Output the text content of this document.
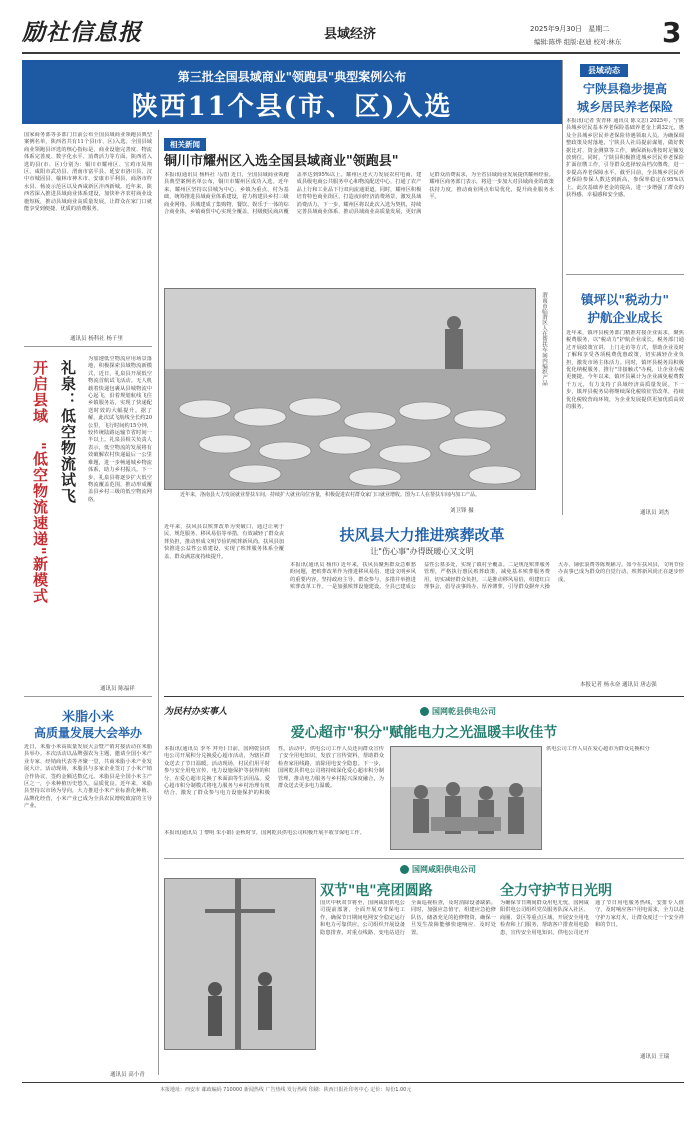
励社信息报	县域经济	2025年9月30日 星期二
编辑:陈烨 组版:赵迪 校对:林东 3
第三批全国县域商业"领跑县"典型案例公布
陕西11个县(市、区)入选
国家商务部等多部门日前公布全国县域商业领跑县典型案例名单，陕西省共有11个县(市、区)入选。全国县域商业领跑县评选的核心指标是，商业设施完善度、物流体系完善度、数字化水平、消费活力等方面。陕西省入选的县(市、区)分别为：铜川市耀州区、宝鸡市凤翔区、咸阳市武功县、渭南市富平县、延安市洛川县、汉中市城固县、榆林市神木市、安康市平利县、商洛市柞水县、杨凌示范区以及西咸新区沣西新城。近年来，陕西省深入推进县域商业体系建设，加快补齐农村商业设施短板，推动县域商业高质量发展，让群众在家门口就能享受到便捷、优质的消费服务。
通讯员 杨科社 杨千里
开启县域
"低空物流速递"新模式
礼泉：低空物流试飞
为加速低空物流应用场景落地，积极探索县域物流新模式，近日，礼泉县开展低空物流首航试飞活动。无人机载着快递包裹从县城物流中心起飞，沿着规划航线飞往乡镇服务站，实现了快递配送时效的大幅提升。据了解，此次试飞航线全长约20公里，飞行时间约15分钟，较传统陆路运输节省时间一半以上。礼泉县相关负责人表示，低空物流的发展将有效破解农村快递最后一公里难题，进一步畅通城乡物流体系，助力乡村振兴。下一步，礼泉县将逐步扩大低空物流覆盖范围，推动形成覆盖县乡村三级的低空物流网络。
通讯员 陈福祥
米脂小米
高质量发展大会举办
近日，米脂小米高质量发展大会暨产销对接活动在米脂县举办。本次活动以品牌强农为主题，邀请全国小米产业专家、经销商代表等齐聚一堂，共商米脂小米产业发展大计。活动现场，米脂县与多家企业签订了小米产销合作协议，签约金额达数亿元。米脂县是全国小米主产区之一，小米种植历史悠久，品质优良。近年来，米脂县坚持以市场为导向，大力推进小米产业标准化种植、品牌化经营，小米产业已成为全县农民增收致富的主导产业。
通讯员 高小青
相关新闻
铜川市耀州区入选全国县域商业"领跑县"
本报讯(通讯员 杨科社 马清) 近日，全国县域商业领跑县典型案例名单公布，铜川市耀州区成功入选。近年来，耀州区坚持以县城为中心、乡镇为重点、村为基础，统筹推进县域商业体系建设，着力构建县乡村三级商业网络。县城建成了集购物、餐饮、娱乐于一体的综合商业体，乡镇商贸中心实现全覆盖，村级便民商店覆盖率达到95%以上。耀州区还大力发展农村电商，建成县级电商公共服务中心和物流配送中心，打通了农产品上行和工业品下行双向流通渠道。同时，耀州区积极培育特色商业街区，打造夜间经济消费场景，激发县域消费活力。下一步，耀州区将以此次入选为契机，持续完善县域商业体系，推动县域商业高质量发展，更好满足群众消费需求，为全省县域商业发展提供耀州经验。耀州区商务部门表示，将进一步加大对县域商业的政策扶持力度，推动商业网点布局优化，提升商业服务水平。
渭南市临渭区人在帮扶车间内编织产品
近年来，洛南县大力发展就业帮扶车间，持续扩大就业岗位容量，积极促进农村群众家门口就业增收。图为工人在帮扶车间内加工产品。
刘卫锋 摄
近年来，扶风县以殡葬改革为突破口，通过让利于民、规范服务、移风易俗等举措，有效减轻了群众丧葬负担，推动形成文明节俭的殡葬新风尚。扶风县加快推进公益性公墓建设，实现了殡葬服务体系全覆盖，群众满意度持续提升。
扶风县大力推进殡葬改革
让"伤心事"办得既暖心又文明
本报讯(通讯员 杨伟) 近年来，扶风县聚焦群众急难愁盼问题，把殡葬改革作为推进移风易俗、建设文明乡风的重要内容，坚持政府主导、群众参与，多措并举推进殡葬改革工作。一是加强殡葬设施建设。全县已建成公益性公墓多处，实现了镇村全覆盖。二是规范殡葬服务管理，严格执行惠民殡葬政策，减免基本殡葬服务费用，切实减轻群众负担。三是推动移风易俗，组建红白理事会，倡导丧事简办、厚养薄葬，引导群众摒弃大操大办、铺张浪费等陈规陋习。如今在扶风县，文明节俭办丧事已成为群众的自觉行动，殡葬新风尚正在逐步形成。
本报记者 杨永奋 通讯员 唐志强
县域动态
宁陕县稳步提高
城乡居民养老保险
本报讯(记者 贺青林 通讯员 陈文思) 2025年，宁陕县城乡居民基本养老保险基础养老金上调32元，惠及全县城乡居民养老保险待遇领取人员。为确保调整政策及时落地，宁陕县人社局提前谋划，做好数据比对、资金测算等工作，确保新标准按时足额发放到位。同时，宁陕县积极推进城乡居民养老保险扩面征缴工作，引导群众选择较高档次缴费，进一步提高养老保障水平。截至目前，全县城乡居民养老保险参保人数达到新高，参保率稳定在95%以上。此次基础养老金的提高，进一步增强了群众的获得感、幸福感和安全感。
镇坪以"税动力"
护航企业成长
近年来，镇坪县税务部门精准对接企业需求，聚焦税费服务，以"税动力"护航企业成长。税务部门通过开展政策宣讲、上门走访等方式，帮助企业及时了解和享受各项税费优惠政策，切实减轻企业负担，激发市场主体活力。同时，镇坪县税务局积极优化纳税服务，推行"非接触式"办税，让企业办税更便捷。今年以来，镇坪县累计为企业减免税费数千万元，有力支持了县域经济高质量发展。下一步，镇坪县税务局将继续深化税收征管改革，持续优化税收营商环境，为企业发展提供更加优质高效的服务。
通讯员 刘杰
为民村办实事人	国网乾县供电公司
爱心超市"积分"赋能电力之光温暖丰收佳节
本报讯(通讯员 李冬 拜舟) 日前，国网乾县供电公司开展积分兑换爱心超市活动，为辖区群众送去了节日温暖。活动现场，村民们用平时参与安全用电宣传、电力设施保护等获得的积分，在爱心超市兑换了米面油等生活用品。爱心超市积分制模式将电力服务与乡村治理有机结合，激发了群众参与电力设施保护的积极性。活动中，供电公司工作人员还向群众宣传了安全用电知识，发放了宣传资料，帮助群众检查家用线路，消除用电安全隐患。下一步，国网乾县供电公司将持续深化爱心超市积分制管理，推动电力服务与乡村振兴深度融合，为群众送去更多电力温暖。
本报讯(通讯员 丁黎明 朱小娟) 金秋时节，国网乾县供电公司积极开展丰收节保电工作。
供电公司工作人员在爱心超市为群众兑换积分
国网咸阳供电公司
双节"电"亮团圆路	全力守护节日光明
国庆中秋双节将至，国网咸阳供电公司提前部署，全面开展双节保电工作，确保节日期间电网安全稳定运行和电力可靠供应。公司组织开展设备隐患排查，对重点线路、变电站进行全面巡视检查，及时消除设备缺陷。同时，加强应急值守，组建应急抢修队伍，储备充足的抢修物资，确保一旦发生故障能够快速响应、及时处置。
为确保节日期间群众用电无忧，国网咸阳供电公司组织党员服务队深入社区、商圈、景区等重点区域，开展安全用电检查和上门服务，帮助客户排查用电隐患，宣传安全用电知识。供电公司还开通了节日用电服务热线，安排专人值守，及时响应客户用电需求，全力以赴守护万家灯火，让群众度过一个安全祥和的节日。
通讯员 王瑞
本报地址：西安市 邮政编码 710000 新闻热线 广告热线 发行热线 印刷：陕西日报社印务中心 定价：每份1.00元
